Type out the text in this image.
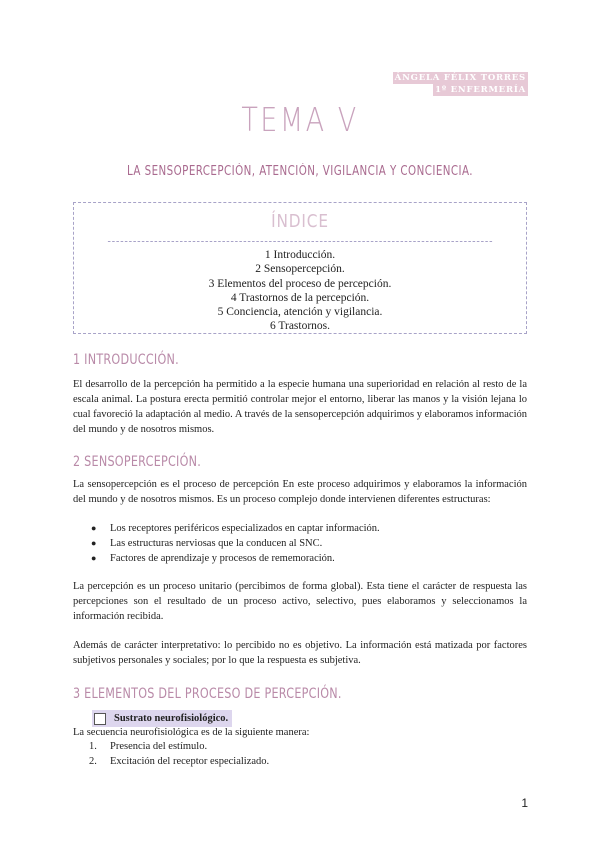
ÁNGELA FÉLIX TORRES
1º ENFERMERÍA
TEMA V
LA SENSOPERCEPCIÓN, ATENCIÓN, VIGILANCIA Y CONCIENCIA.
ÍNDICE
1 Introducción.
2 Sensopercepción.
3 Elementos del proceso de percepción.
4 Trastornos de la percepción.
5 Conciencia, atención y vigilancia.
6 Trastornos.
1 INTRODUCCIÓN.

El desarrollo de la percepción ha permitido a la especie humana una superioridad en relación al resto de la escala animal. La postura erecta permitió controlar mejor el entorno, liberar las manos y la visión lejana lo cual favoreció la adaptación al medio. A través de la sensopercepción adquirimos y elaboramos información del mundo y de nosotros mismos.

2 SENSOPERCEPCIÓN.

La sensopercepción es el proceso de percepción En este proceso adquirimos y elaboramos la información del mundo y de nosotros mismos. Es un proceso complejo donde intervienen diferentes estructuras:

● Los receptores periféricos especializados en captar información.
● Las estructuras nerviosas que la conducen al SNC.
● Factores de aprendizaje y procesos de rememoración.

La percepción es un proceso unitario (percibimos de forma global). Esta tiene el carácter de respuesta las percepciones son el resultado de un proceso activo, selectivo, pues elaboramos y seleccionamos la información recibida.

Además de carácter interpretativo: lo percibido no es objetivo. La información está matizada por factores subjetivos personales y sociales; por lo que la respuesta es subjetiva.

3 ELEMENTOS DEL PROCESO DE PERCEPCIÓN.
Sustrato neurofisiológico.

La secuencia neurofisiológica es de la siguiente manera:

1. Presencia del estímulo.
2. Excitación del receptor especializado.
1
